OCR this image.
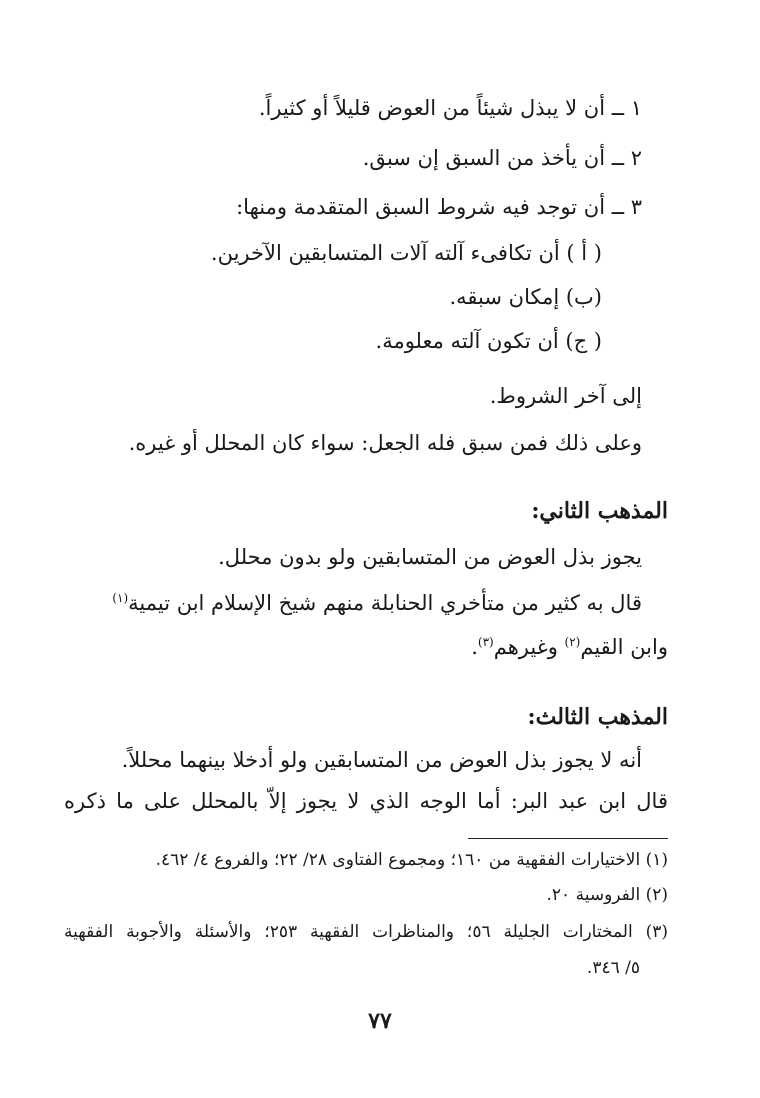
١ ــ أن لا يبذل شيئاً من العوض قليلاً أو كثيراً.
٢ ــ أن يأخذ من السبق إن سبق.
٣ ــ أن توجد فيه شروط السبق المتقدمة ومنها:
( أ ) أن تكافىء آلته آلات المتسابقين الآخرين.
(ب) إمكان سبقه.
( ج) أن تكون آلته معلومة.
إلى آخر الشروط.
وعلى ذلك فمن سبق فله الجعل: سواء كان المحلل أو غيره.
المذهب الثاني:
يجوز بذل العوض من المتسابقين ولو بدون محلل.
قال به كثير من متأخري الحنابلة منهم شيخ الإسلام ابن تيمية$^{(١)}$
وابن القيم$^{(٢)}$ وغيرهم$^{(٣)}$.
المذهب الثالث:
أنه لا يجوز بذل العوض من المتسابقين ولو أدخلا بينهما محللاً.
قال ابن عبد البر: أما الوجه الذي لا يجوز إلاّ بالمحلل على ما ذكره
(١) الاختيارات الفقهية من ١٦٠؛ ومجموع الفتاوى ٢٨/ ٢٢؛ والفروع ٤/ ٤٦٢.
(٢) الفروسية ٢٠.
(٣) المختارات الجليلة ٥٦؛ والمناظرات الفقهية ٢٥٣؛ والأسئلة والأجوبة الفقهية
٥/ ٣٤٦.
٧٧
